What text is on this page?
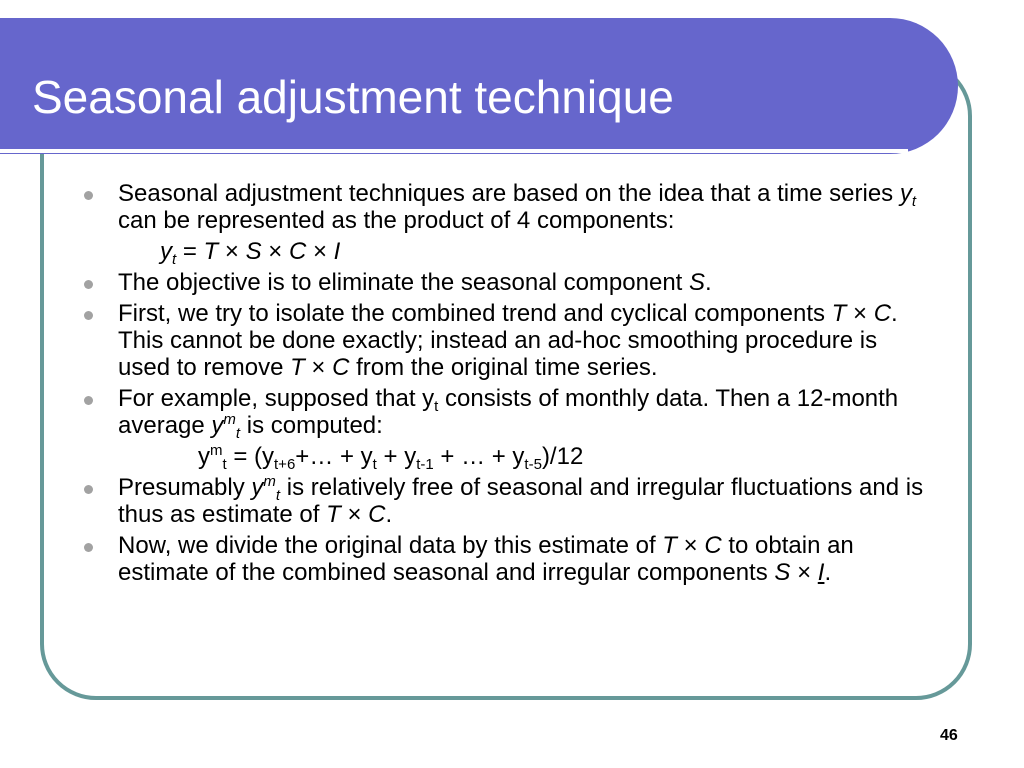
Seasonal adjustment technique
Seasonal adjustment techniques are based on the idea that a time series $y_t$ can be represented as the product of 4 components:
$y_t = T \times S \times C \times I$
The objective is to eliminate the seasonal component S.
First, we try to isolate the combined trend and cyclical components T × C. This cannot be done exactly; instead an ad-hoc smoothing procedure is used to remove T × C from the original time series.
For example, supposed that $y_t$ consists of monthly data. Then a 12-month average $y^m_t$ is computed:
$y^m_t$ = ($y_{t+6}+\dots + y_t + y_{t-1}$ + … + $y_{t-5})/12$
Presumably $y^m_t$ is relatively free of seasonal and irregular fluctuations and is thus as estimate of T × C.
Now, we divide the original data by this estimate of T × C to obtain an estimate of the combined seasonal and irregular components S × I.
46
